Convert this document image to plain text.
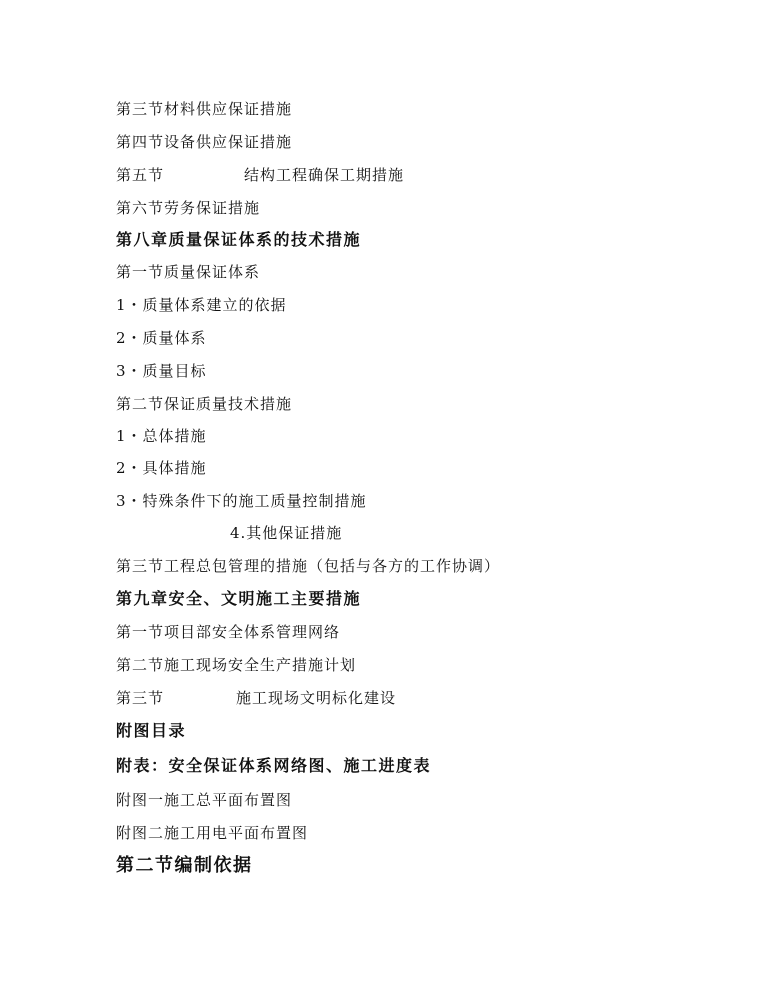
第三节材料供应保证措施
第四节设备供应保证措施
第五节	结构工程确保工期措施
第六节劳务保证措施
第八章质量保证体系的技术措施
第一节质量保证体系
1・质量体系建立的依据
2・质量体系
3・质量目标
第二节保证质量技术措施
1・总体措施
2・具体措施
3・特殊条件下的施工质量控制措施
4.其他保证措施
第三节工程总包管理的措施（包括与各方的工作协调）
第九章安全、文明施工主要措施
第一节项目部安全体系管理网络
第二节施工现场安全生产措施计划
第三节	施工现场文明标化建设
附图目录
附表：安全保证体系网络图、施工进度表
附图一施工总平面布置图
附图二施工用电平面布置图
第二节编制依据
